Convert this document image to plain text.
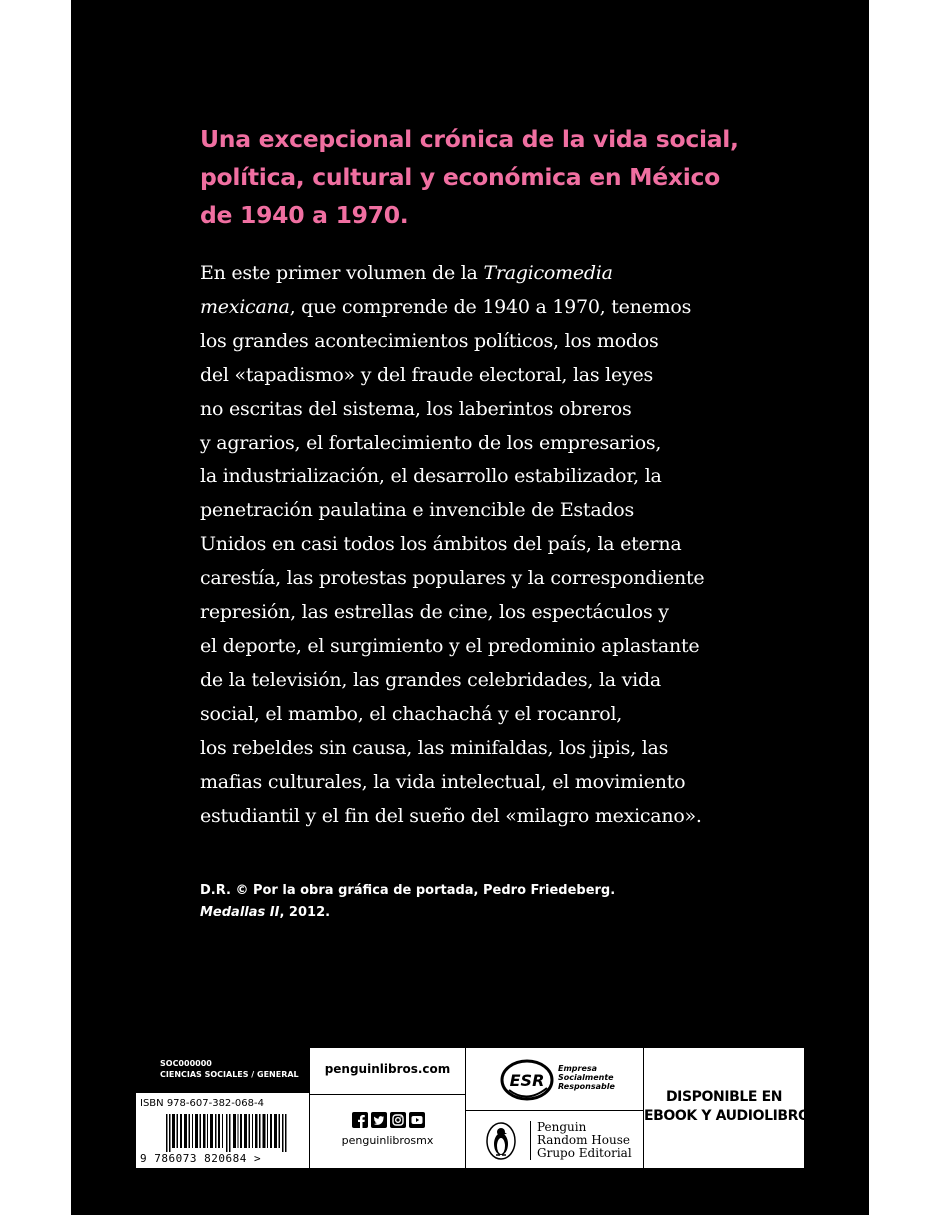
Una excepcional crónica de la vida social,
política, cultural y económica en México
de 1940 a 1970.
En este primer volumen de la Tragicomedia
mexicana, que comprende de 1940 a 1970, tenemos
los grandes acontecimientos políticos, los modos
del «tapadismo» y del fraude electoral, las leyes
no escritas del sistema, los laberintos obreros
y agrarios, el fortalecimiento de los empresarios,
la industrialización, el desarrollo estabilizador, la
penetración paulatina e invencible de Estados
Unidos en casi todos los ámbitos del país, la eterna
carestía, las protestas populares y la correspondiente
represión, las estrellas de cine, los espectáculos y
el deporte, el surgimiento y el predominio aplastante
de la televisión, las grandes celebridades, la vida
social, el mambo, el chachachá y el rocanrol,
los rebeldes sin causa, las minifaldas, los jipis, las
mafias culturales, la vida intelectual, el movimiento
estudiantil y el fin del sueño del «milagro mexicano».
D.R. © Por la obra gráfica de portada, Pedro Friedeberg.
Medallas II, 2012.
SOC000000
CIENCIAS SOCIALES / GENERAL
ISBN 978-607-382-068-4
9 786073 820684 >
penguinlibros.com
penguinlibrosmx
ESR
Empresa
Socialmente
Responsable
Penguin
Random House
Grupo Editorial
DISPONIBLE EN
EBOOK Y AUDIOLIBRO
